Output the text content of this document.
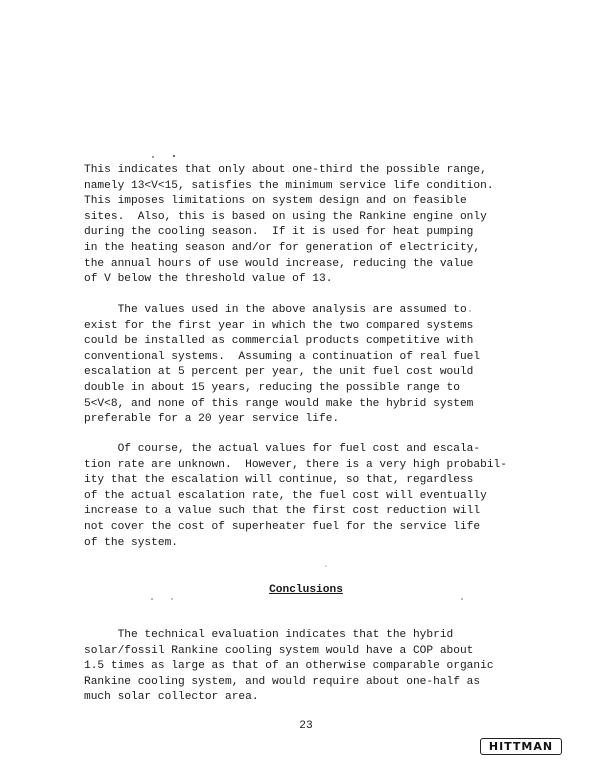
This indicates that only about one-third the possible range,
namely 13<V<15, satisfies the minimum service life condition.
This imposes limitations on system design and on feasible
sites.  Also, this is based on using the Rankine engine only
during the cooling season.  If it is used for heat pumping
in the heating season and/or for generation of electricity,
the annual hours of use would increase, reducing the value
of V below the threshold value of 13.
The values used in the above analysis are assumed to
exist for the first year in which the two compared systems
could be installed as commercial products competitive with
conventional systems.  Assuming a continuation of real fuel
escalation at 5 percent per year, the unit fuel cost would
double in about 15 years, reducing the possible range to
5<V<8, and none of this range would make the hybrid system
preferable for a 20 year service life.
Of course, the actual values for fuel cost and escala-
tion rate are unknown.  However, there is a very high probabil-
ity that the escalation will continue, so that, regardless
of the actual escalation rate, the fuel cost will eventually
increase to a value such that the first cost reduction will
not cover the cost of superheater fuel for the service life
of the system.
Conclusions
The technical evaluation indicates that the hybrid
solar/fossil Rankine cooling system would have a COP about
1.5 times as large as that of an otherwise comparable organic
Rankine cooling system, and would require about one-half as
much solar collector area.
23
HITTMAN
